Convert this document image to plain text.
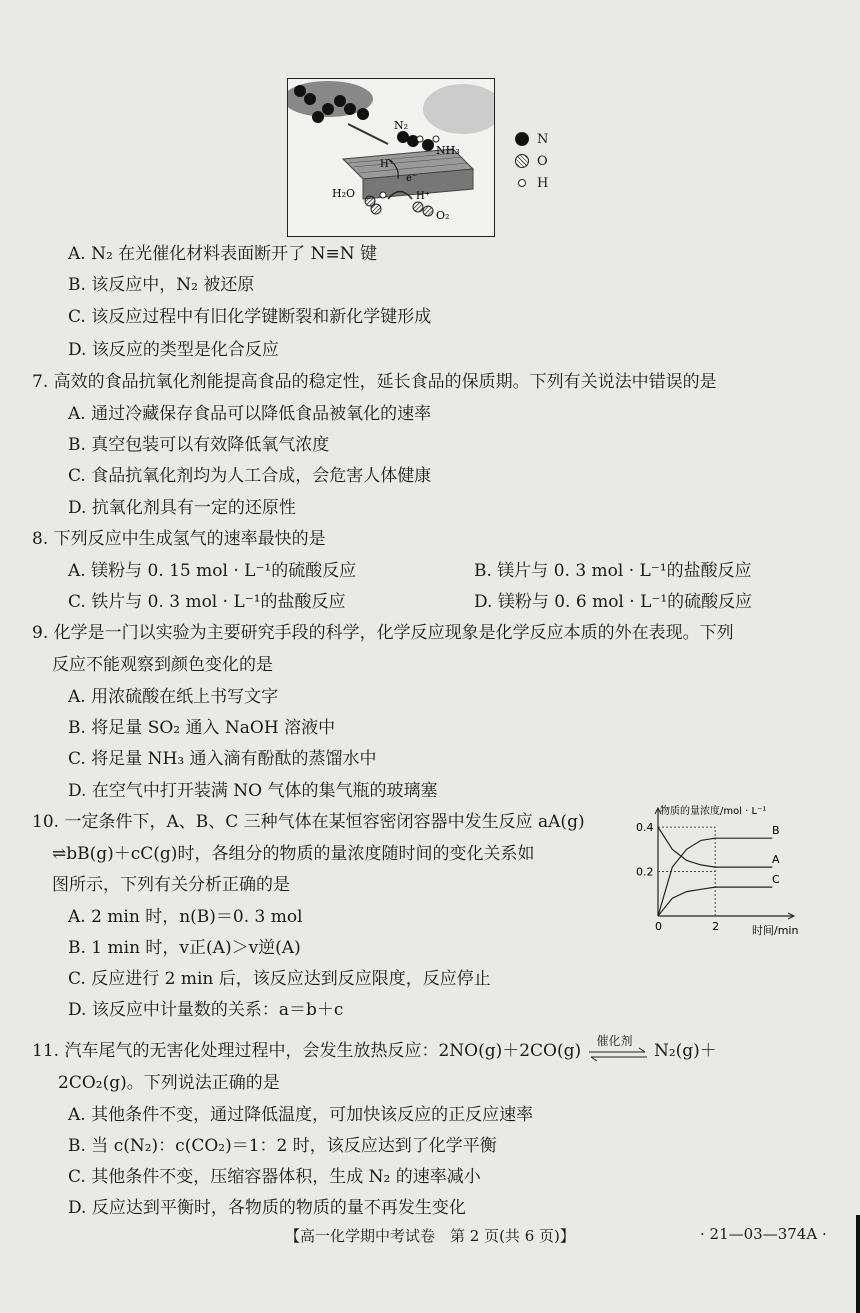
N₂
NH₃
H⁺
e⁻
H₂O	H⁺
O₂
N
O
H
A. N₂ 在光催化材料表面断开了 N≡N 键
B. 该反应中，N₂ 被还原
C. 该反应过程中有旧化学键断裂和新化学键形成
D. 该反应的类型是化合反应
7. 高效的食品抗氧化剂能提高食品的稳定性，延长食品的保质期。下列有关说法中错误的是
A. 通过冷藏保存食品可以降低食品被氧化的速率
B. 真空包装可以有效降低氧气浓度
C. 食品抗氧化剂均为人工合成，会危害人体健康
D. 抗氧化剂具有一定的还原性
8. 下列反应中生成氢气的速率最快的是
A. 镁粉与 0. 15 mol · L⁻¹的硫酸反应	B. 镁片与 0. 3 mol · L⁻¹的盐酸反应
C. 铁片与 0. 3 mol · L⁻¹的盐酸反应	D. 镁粉与 0. 6 mol · L⁻¹的硫酸反应
9. 化学是一门以实验为主要研究手段的科学，化学反应现象是化学反应本质的外在表现。下列
反应不能观察到颜色变化的是
A. 用浓硫酸在纸上书写文字
B. 将足量 SO₂ 通入 NaOH 溶液中
C. 将足量 NH₃ 通入滴有酚酞的蒸馏水中
D. 在空气中打开装满 NO 气体的集气瓶的玻璃塞
10. 一定条件下，A、B、C 三种气体在某恒容密闭容器中发生反应 aA(g)
⇌bB(g)＋cC(g)时，各组分的物质的量浓度随时间的变化关系如
图所示，下列有关分析正确的是
A. 2 min 时，n(B)＝0. 3 mol
B. 1 min 时，v正(A)＞v逆(A)
C. 反应进行 2 min 后，该反应达到反应限度，反应停止
D. 该反应中计量数的关系：a＝b＋c
物质的量浓度/mol · L⁻¹
时间/min
0.4
0.2
0	2
B
A
C
11. 汽车尾气的无害化处理过程中，会发生放热反应：2NO(g)＋2CO(g)
催化剂
N₂(g)＋
2CO₂(g)。下列说法正确的是
A. 其他条件不变，通过降低温度，可加快该反应的正反应速率
B. 当 c(N₂)：c(CO₂)＝1：2 时，该反应达到了化学平衡
C. 其他条件不变，压缩容器体积，生成 N₂ 的速率减小
D. 反应达到平衡时，各物质的物质的量不再发生变化
【高一化学期中考试卷　第 2 页(共 6 页)】	· 21—03—374A ·
